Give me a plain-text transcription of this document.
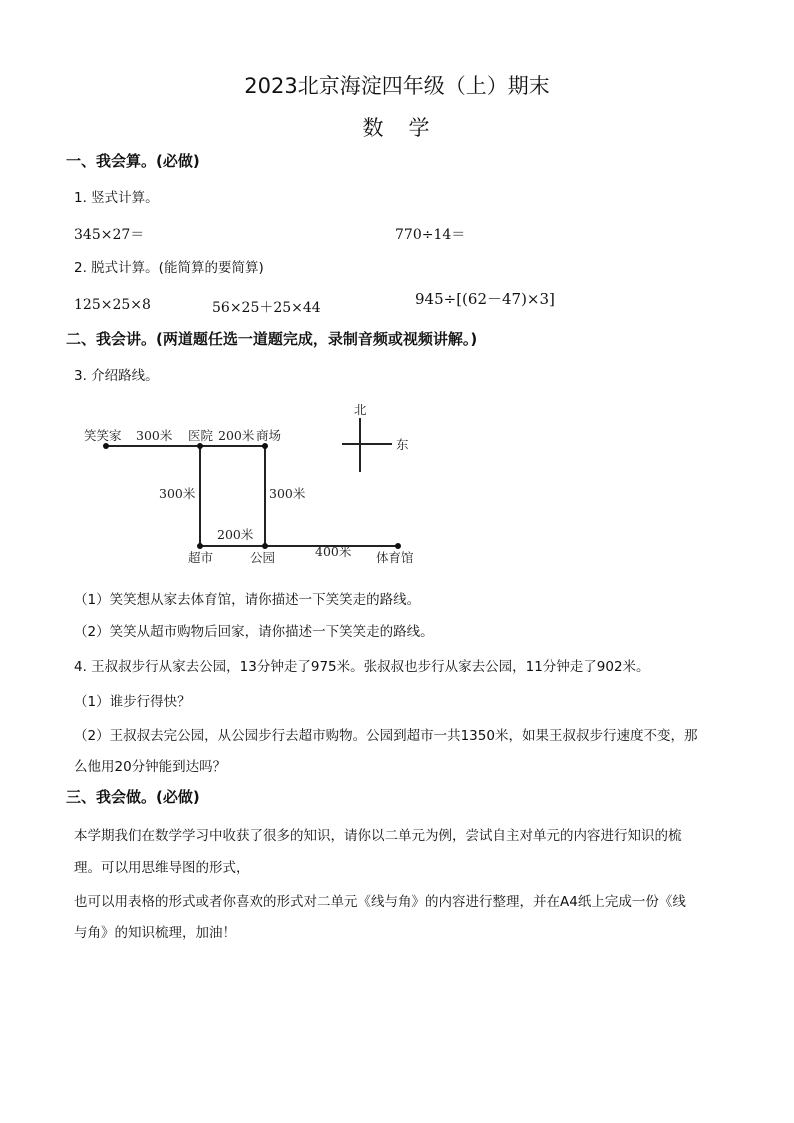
2023北京海淀四年级（上）期末
数　学
一、我会算。(必做)
1. 竖式计算。
345×27＝	770÷14＝
2. 脱式计算。(能简算的要简算)
125×25×8	56×25＋25×44	945÷[(62－47)×3]
二、我会讲。(两道题任选一道题完成，录制音频或视频讲解。)
3. 介绍路线。
笑笑家	医院	商场
超市	公园	体育馆
300米	200米
300米	300米
200米
400米
北
东
（1）笑笑想从家去体育馆，请你描述一下笑笑走的路线。
（2）笑笑从超市购物后回家，请你描述一下笑笑走的路线。
4. 王叔叔步行从家去公园，13分钟走了975米。张叔叔也步行从家去公园，11分钟走了902米。
（1）谁步行得快？
（2）王叔叔去完公园，从公园步行去超市购物。公园到超市一共1350米，如果王叔叔步行速度不变，那
么他用20分钟能到达吗？
三、我会做。(必做)
本学期我们在数学学习中收获了很多的知识，请你以二单元为例，尝试自主对单元的内容进行知识的梳
理。可以用思维导图的形式，
也可以用表格的形式或者你喜欢的形式对二单元《线与角》的内容进行整理，并在A4纸上完成一份《线
与角》的知识梳理，加油！
